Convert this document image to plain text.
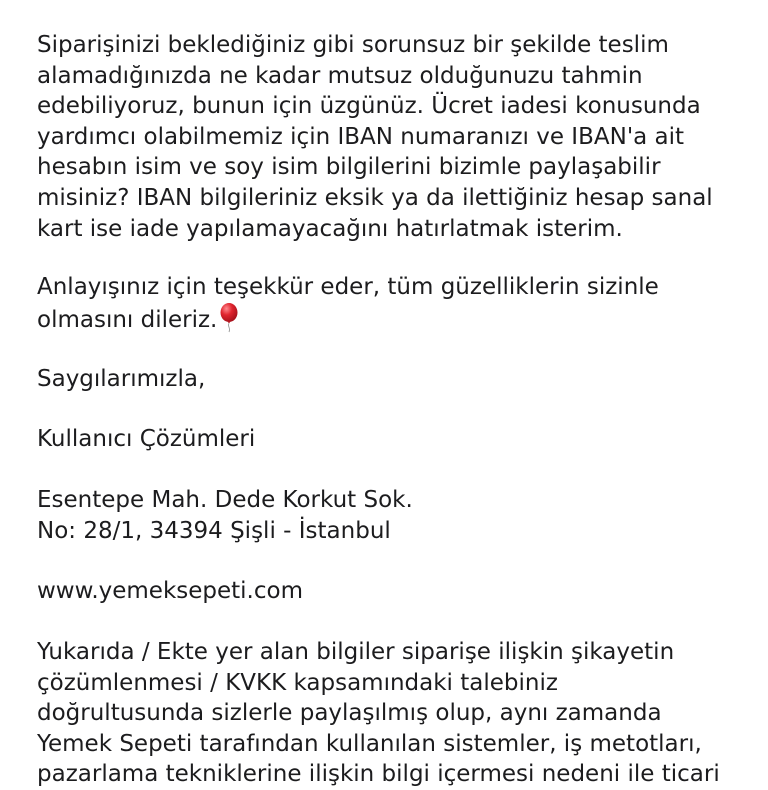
Siparişinizi beklediğiniz gibi sorunsuz bir şekilde teslim
alamadığınızda ne kadar mutsuz olduğunuzu tahmin
edebiliyoruz, bunun için üzgünüz. Ücret iadesi konusunda
yardımcı olabilmemiz için IBAN numaranızı ve IBAN'a ait
hesabın isim ve soy isim bilgilerini bizimle paylaşabilir
misiniz? IBAN bilgileriniz eksik ya da ilettiğiniz hesap sanal
kart ise iade yapılamayacağını hatırlatmak isterim.

Anlayışınız için teşekkür eder, tüm güzelliklerin sizinle
olmasını dileriz.

Saygılarımızla,

Kullanıcı Çözümleri

Esentepe Mah. Dede Korkut Sok.
No: 28/1, 34394 Şişli - İstanbul

www.yemeksepeti.com

Yukarıda / Ekte yer alan bilgiler siparişe ilişkin şikayetin
çözümlenmesi / KVKK kapsamındaki talebiniz
doğrultusunda sizlerle paylaşılmış olup, aynı zamanda
Yemek Sepeti tarafından kullanılan sistemler, iş metotları,
pazarlama tekniklerine ilişkin bilgi içermesi nedeni ile ticari
